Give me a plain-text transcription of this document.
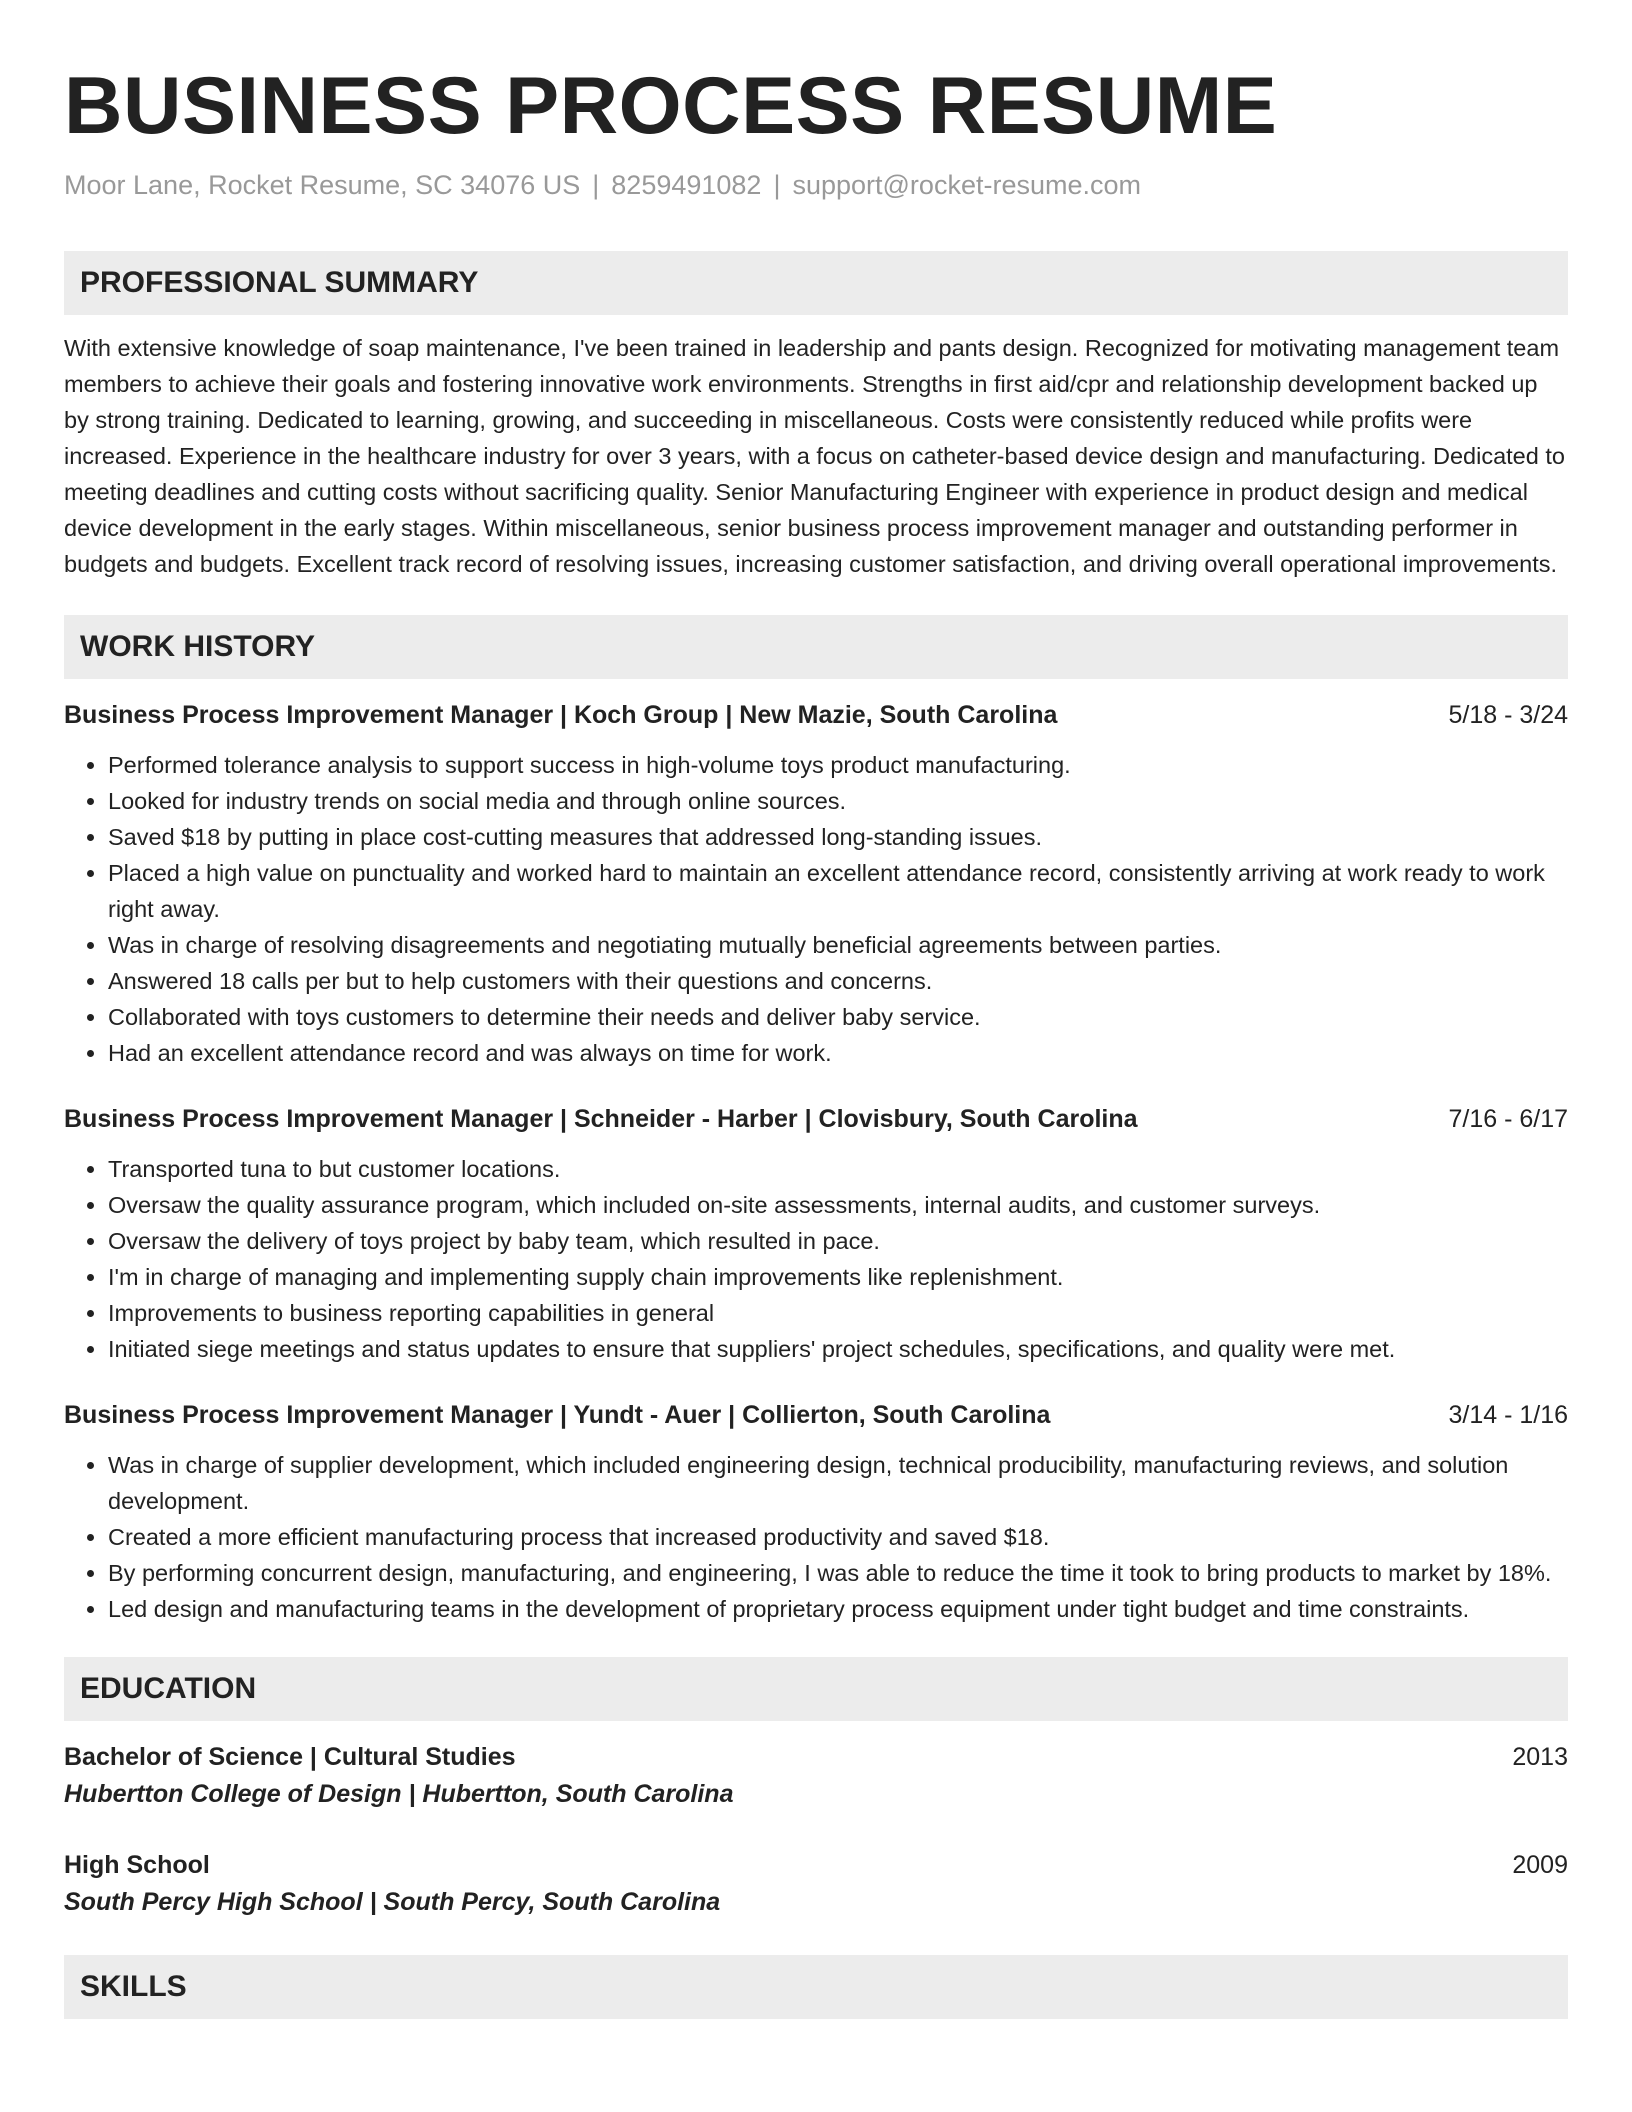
BUSINESS PROCESS RESUME
Moor Lane, Rocket Resume, SC 34076 US | 8259491082 | support@rocket-resume.com
PROFESSIONAL SUMMARY
With extensive knowledge of soap maintenance, I've been trained in leadership and pants design. Recognized for motivating management team members to achieve their goals and fostering innovative work environments. Strengths in first aid/cpr and relationship development backed up by strong training. Dedicated to learning, growing, and succeeding in miscellaneous. Costs were consistently reduced while profits were increased. Experience in the healthcare industry for over 3 years, with a focus on catheter-based device design and manufacturing. Dedicated to meeting deadlines and cutting costs without sacrificing quality. Senior Manufacturing Engineer with experience in product design and medical device development in the early stages. Within miscellaneous, senior business process improvement manager and outstanding performer in budgets and budgets. Excellent track record of resolving issues, increasing customer satisfaction, and driving overall operational improvements.
WORK HISTORY
Business Process Improvement Manager | Koch Group | New Mazie, South Carolina	5/18 - 3/24
• Performed tolerance analysis to support success in high-volume toys product manufacturing.
• Looked for industry trends on social media and through online sources.
• Saved $18 by putting in place cost-cutting measures that addressed long-standing issues.
• Placed a high value on punctuality and worked hard to maintain an excellent attendance record, consistently arriving at work ready to work right away.
• Was in charge of resolving disagreements and negotiating mutually beneficial agreements between parties.
• Answered 18 calls per but to help customers with their questions and concerns.
• Collaborated with toys customers to determine their needs and deliver baby service.
• Had an excellent attendance record and was always on time for work.
Business Process Improvement Manager | Schneider - Harber | Clovisbury, South Carolina	7/16 - 6/17
• Transported tuna to but customer locations.
• Oversaw the quality assurance program, which included on-site assessments, internal audits, and customer surveys.
• Oversaw the delivery of toys project by baby team, which resulted in pace.
• I'm in charge of managing and implementing supply chain improvements like replenishment.
• Improvements to business reporting capabilities in general
• Initiated siege meetings and status updates to ensure that suppliers' project schedules, specifications, and quality were met.
Business Process Improvement Manager | Yundt - Auer | Collierton, South Carolina	3/14 - 1/16
• Was in charge of supplier development, which included engineering design, technical producibility, manufacturing reviews, and solution development.
• Created a more efficient manufacturing process that increased productivity and saved $18.
• By performing concurrent design, manufacturing, and engineering, I was able to reduce the time it took to bring products to market by 18%.
• Led design and manufacturing teams in the development of proprietary process equipment under tight budget and time constraints.
EDUCATION
Bachelor of Science | Cultural Studies	2013
Hubertton College of Design | Hubertton, South Carolina
High School	2009
South Percy High School | South Percy, South Carolina
SKILLS
